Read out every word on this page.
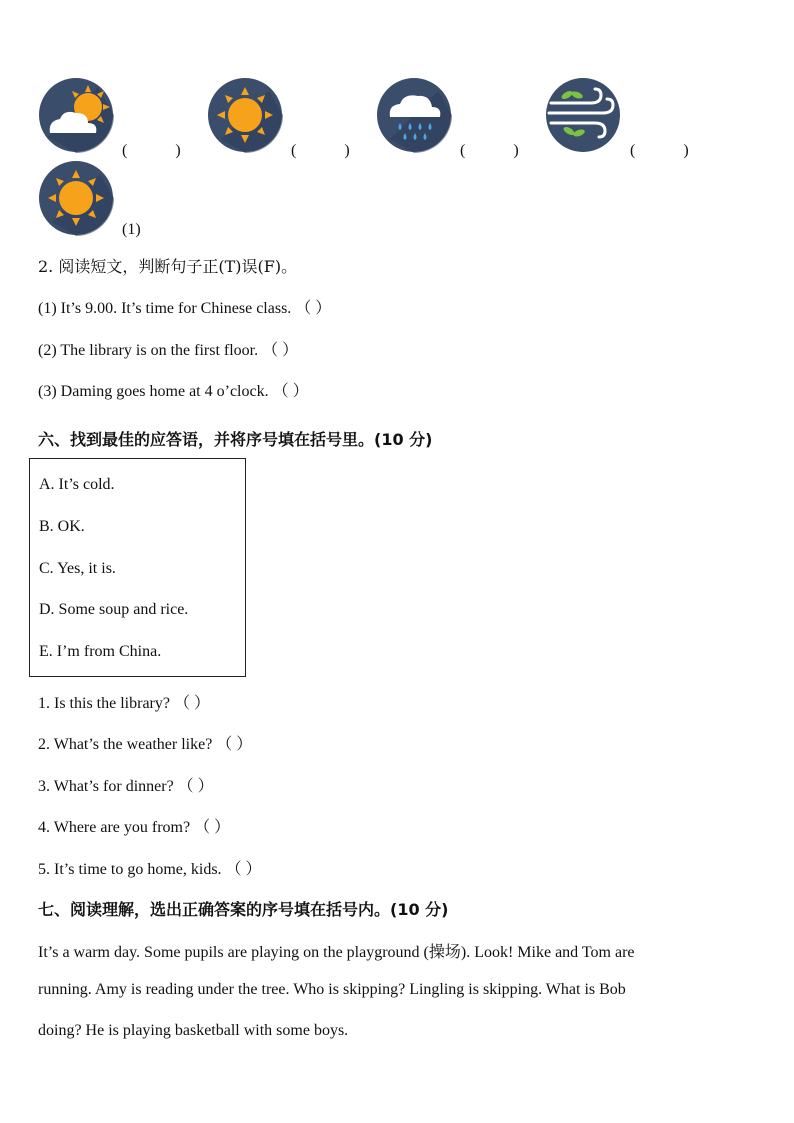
(　　　)	(　　　)	(　　　)	(　　　)
(1)
2. 阅读短文，判断句子正(T)误(F)。
(1) It’s 9.00. It’s time for Chinese class. （ ）
(2) The library is on the first floor. （ ）
(3) Daming goes home at 4 o’clock. （ ）
六、找到最佳的应答语，并将序号填在括号里。(10 分)
A. It’s cold.
B. OK.
C. Yes, it is.
D. Some soup and rice.
E. I’m from China.
1. Is this the library? （ ）
2. What’s the weather like? （ ）
3. What’s for dinner? （ ）
4. Where are you from? （ ）
5. It’s time to go home, kids. （ ）
七、阅读理解，选出正确答案的序号填在括号内。(10 分)
It’s a warm day. Some pupils are playing on the playground (操场). Look! Mike and Tom are
running. Amy is reading under the tree. Who is skipping? Lingling is skipping. What is Bob
doing? He is playing basketball with some boys.
